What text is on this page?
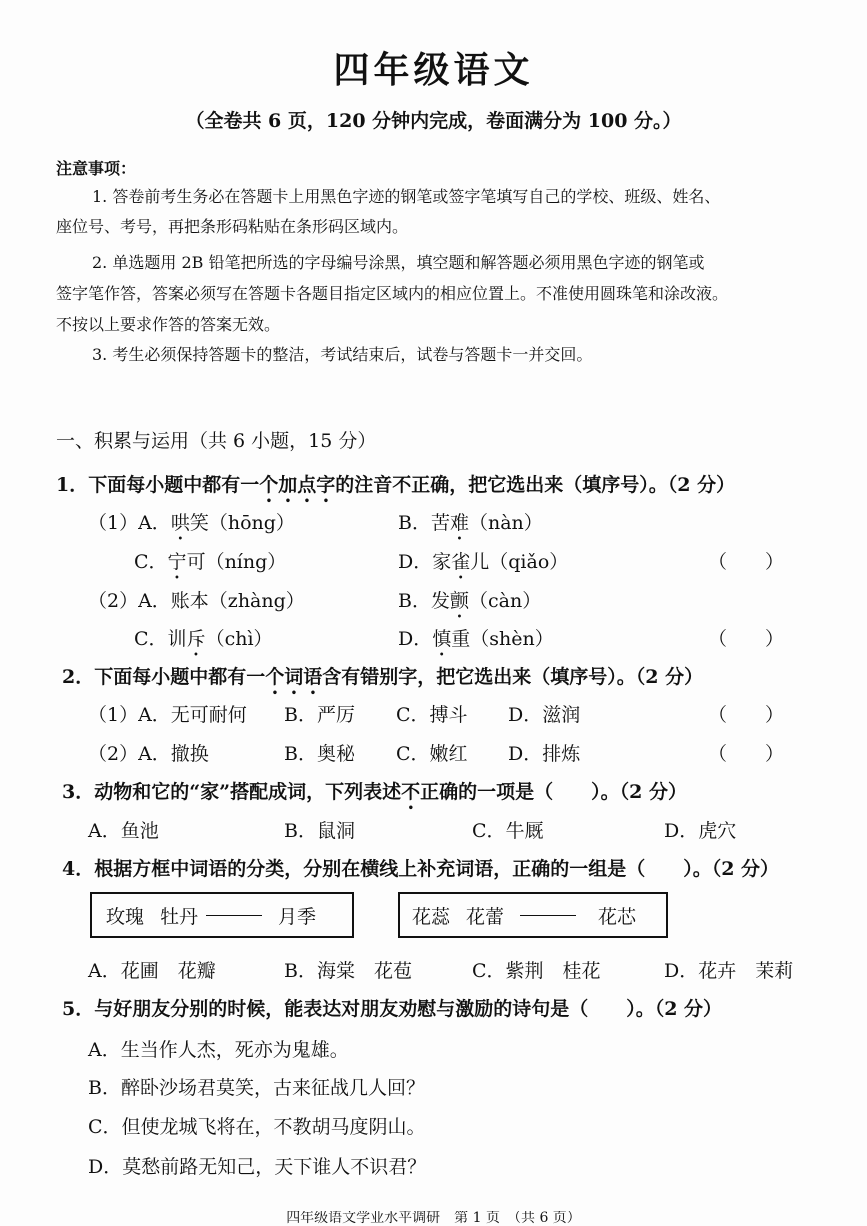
四年级语文
（全卷共 6 页，120 分钟内完成，卷面满分为 100 分。）
注意事项：
1. 答卷前考生务必在答题卡上用黑色字迹的钢笔或签字笔填写自己的学校、班级、姓名、
座位号、考号，再把条形码粘贴在条形码区域内。
2. 单选题用 2B 铅笔把所选的字母编号涂黑，填空题和解答题必须用黑色字迹的钢笔或
签字笔作答，答案必须写在答题卡各题目指定区域内的相应位置上。不准使用圆珠笔和涂改液。
不按以上要求作答的答案无效。
3. 考生必须保持答题卡的整洁，考试结束后，试卷与答题卡一并交回。
一、积累与运用（共 6 小题，15 分）
1．下面每小题中都有一个加点字的注音不正确，把它选出来（填序号）。（2 分）
（1）A．哄笑（hōng）	B．苦难（nàn）
C．宁可（níng）	D．家雀儿（qiǎo）	（　　）
（2）A．账本（zhàng）	B．发颤（càn）
C．训斥（chì）	D．慎重（shèn）	（　　）
2．下面每小题中都有一个词语含有错别字，把它选出来（填序号）。（2 分）
（1）A．无可耐何 B．严厉 C．搏斗 D．滋润	（　　）
（2）A．撤换	B．奥秘 C．嫩红 D．排炼	（　　）
3．动物和它的“家”搭配成词，下列表述不正确的一项是（　　）。（2 分）
A．鱼池	B．鼠洞	C．牛厩	D．虎穴
4．根据方框中词语的分类，分别在横线上补充词语，正确的一组是（　　）。（2 分）
玫瑰 牡丹	月季	花蕊 花蕾	花芯
A．花圃　花瓣	B．海棠　花苞	C．紫荆　桂花	D．花卉　茉莉
5．与好朋友分别的时候，能表达对朋友劝慰与激励的诗句是（　　）。（2 分）
A．生当作人杰，死亦为鬼雄。
B．醉卧沙场君莫笑，古来征战几人回？
C．但使龙城飞将在，不教胡马度阴山。
D．莫愁前路无知己，天下谁人不识君？
四年级语文学业水平调研　第 1 页　（共 6 页）
